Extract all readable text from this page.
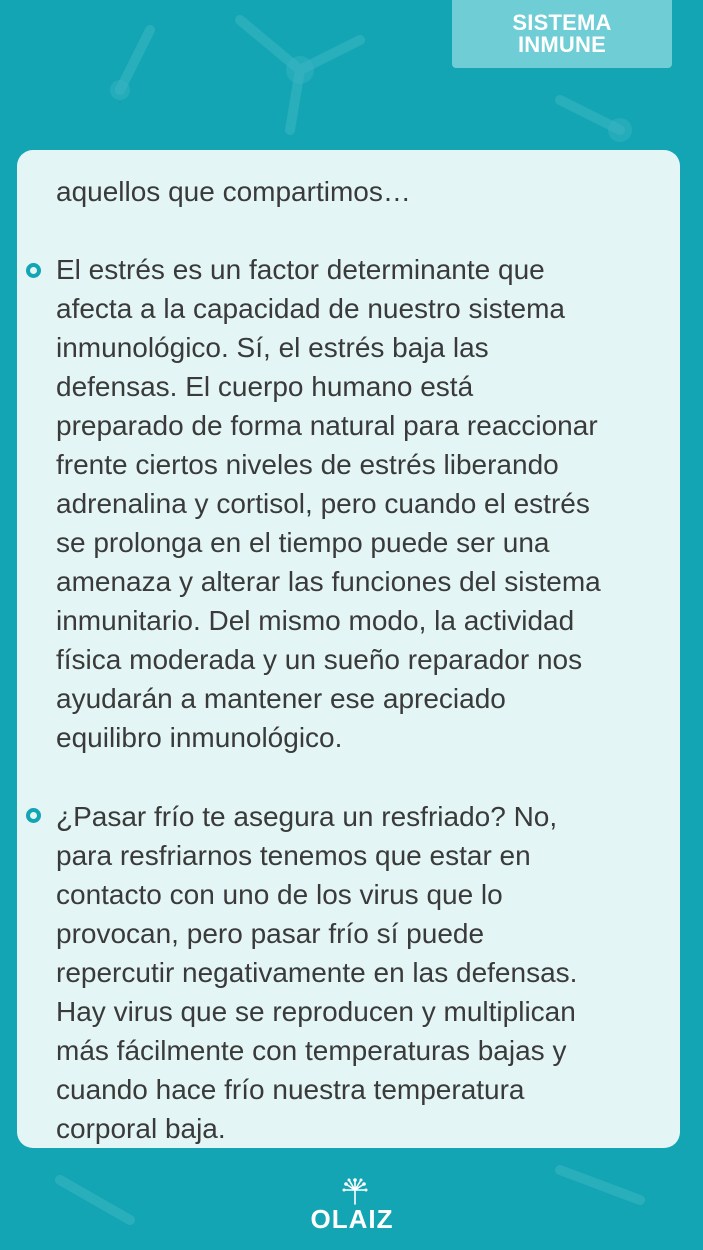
SISTEMA
INMUNE

aquellos que compartimos…

El estrés es un factor determinante que
afecta a la capacidad de nuestro sistema
inmunológico. Sí, el estrés baja las
defensas. El cuerpo humano está
preparado de forma natural para reaccionar
frente ciertos niveles de estrés liberando
adrenalina y cortisol, pero cuando el estrés
se prolonga en el tiempo puede ser una
amenaza y alterar las funciones del sistema
inmunitario. Del mismo modo, la actividad
física moderada y un sueño reparador nos
ayudarán a mantener ese apreciado
equilibro inmunológico.

¿Pasar frío te asegura un resfriado? No,
para resfriarnos tenemos que estar en
contacto con uno de los virus que lo
provocan, pero pasar frío sí puede
repercutir negativamente en las defensas.
Hay virus que se reproducen y multiplican
más fácilmente con temperaturas bajas y
cuando hace frío nuestra temperatura
corporal baja.

OLAIZ
